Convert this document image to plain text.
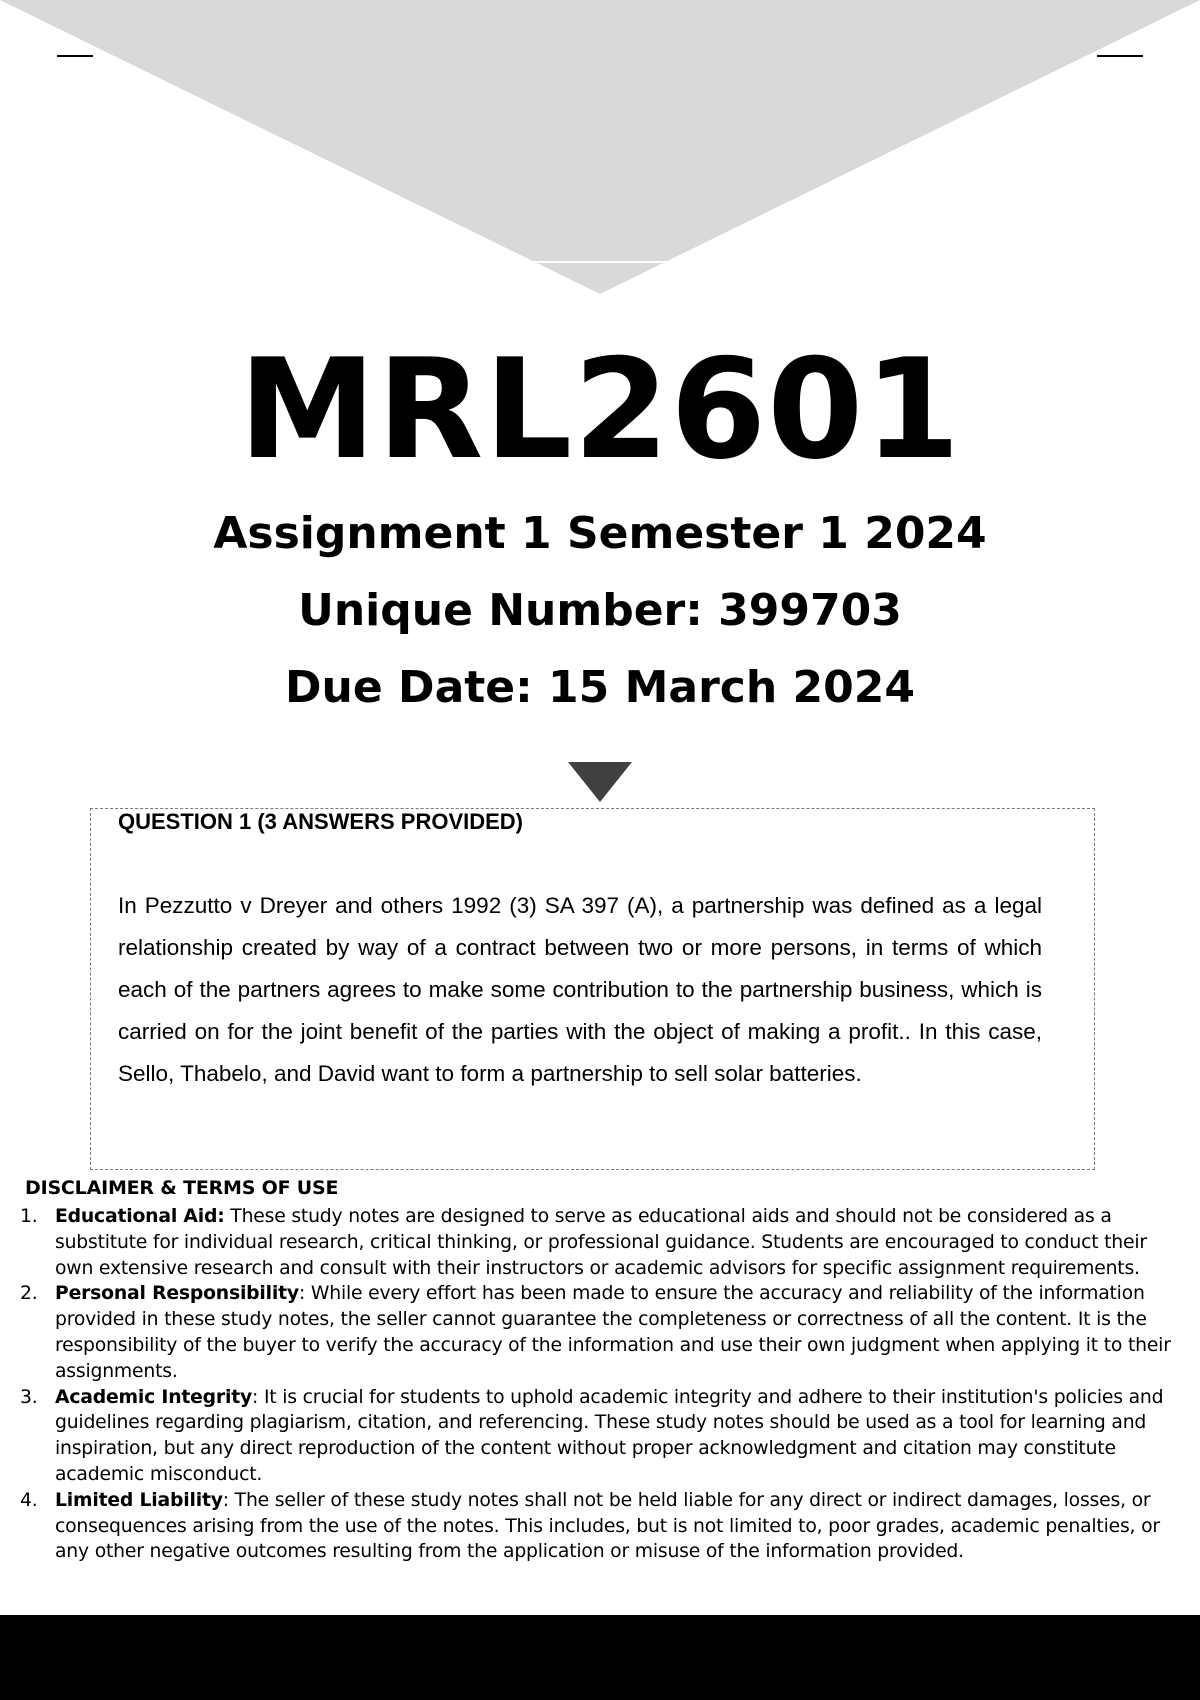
MRL2601
Assignment 1 Semester 1 2024
Unique Number: 399703
Due Date: 15 March 2024
QUESTION 1 (3 ANSWERS PROVIDED)

In Pezzutto v Dreyer and others 1992 (3) SA 397 (A), a partnership was defined as a legal relationship created by way of a contract between two or more persons, in terms of which each of the partners agrees to make some contribution to the partnership business, which is carried on for the joint benefit of the parties with the object of making a profit.. In this case, Sello, Thabelo, and David want to form a partnership to sell solar batteries.

DISCLAIMER & TERMS OF USE
1. Educational Aid: These study notes are designed to serve as educational aids and should not be considered as a substitute for individual research, critical thinking, or professional guidance. Students are encouraged to conduct their own extensive research and consult with their instructors or academic advisors for specific assignment requirements.
2. Personal Responsibility: While every effort has been made to ensure the accuracy and reliability of the information provided in these study notes, the seller cannot guarantee the completeness or correctness of all the content. It is the responsibility of the buyer to verify the accuracy of the information and use their own judgment when applying it to their assignments.
3. Academic Integrity: It is crucial for students to uphold academic integrity and adhere to their institution's policies and guidelines regarding plagiarism, citation, and referencing. These study notes should be used as a tool for learning and inspiration, but any direct reproduction of the content without proper acknowledgment and citation may constitute academic misconduct.
4. Limited Liability: The seller of these study notes shall not be held liable for any direct or indirect damages, losses, or consequences arising from the use of the notes. This includes, but is not limited to, poor grades, academic penalties, or any other negative outcomes resulting from the application or misuse of the information provided.
